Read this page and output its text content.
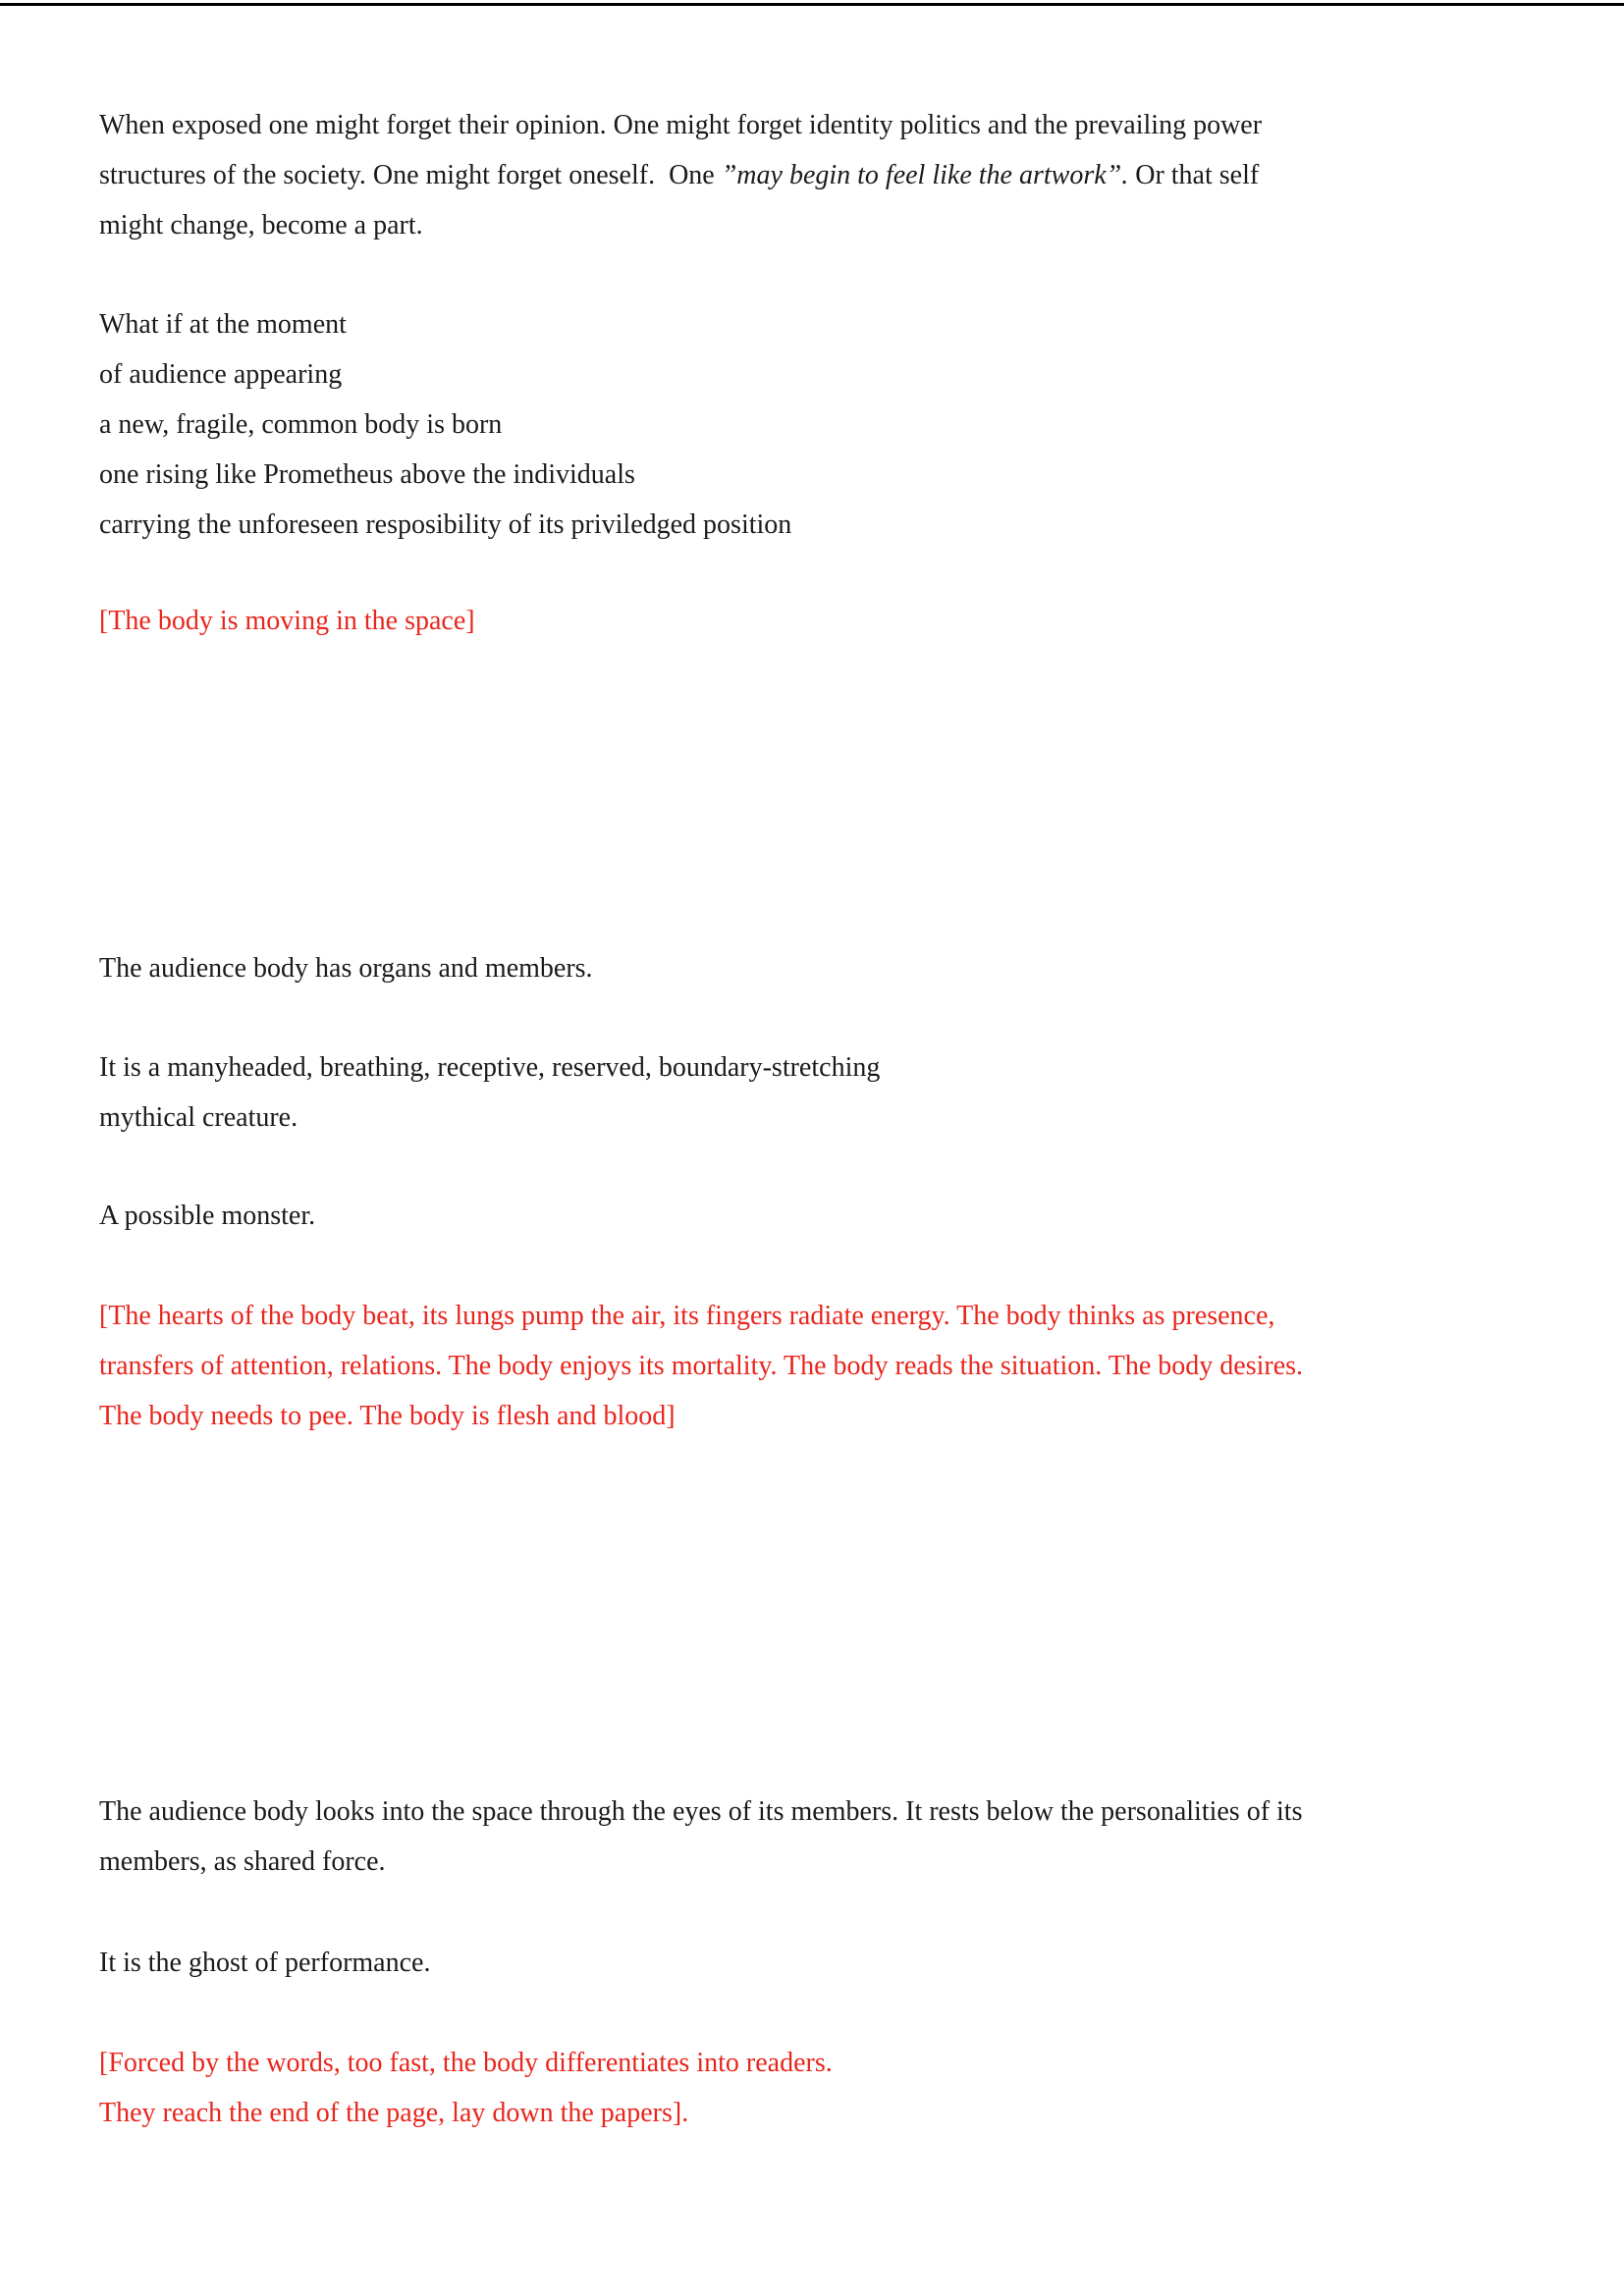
When exposed one might forget their opinion. One might forget identity politics and the prevailing power
structures of the society. One might forget oneself.  One ”may begin to feel like the artwork”. Or that self
might change, become a part.
What if at the moment
of audience appearing
a new, fragile, common body is born
one rising like Prometheus above the individuals
carrying the unforeseen resposibility of its priviledged position
[The body is moving in the space]
The audience body has organs and members.
It is a manyheaded, breathing, receptive, reserved, boundary-stretching
mythical creature.
A possible monster.
[The hearts of the body beat, its lungs pump the air, its fingers radiate energy. The body thinks as presence,
transfers of attention, relations. The body enjoys its mortality. The body reads the situation. The body desires.
The body needs to pee. The body is flesh and blood]
The audience body looks into the space through the eyes of its members. It rests below the personalities of its
members, as shared force.
It is the ghost of performance.
[Forced by the words, too fast, the body differentiates into readers.
They reach the end of the page, lay down the papers].
